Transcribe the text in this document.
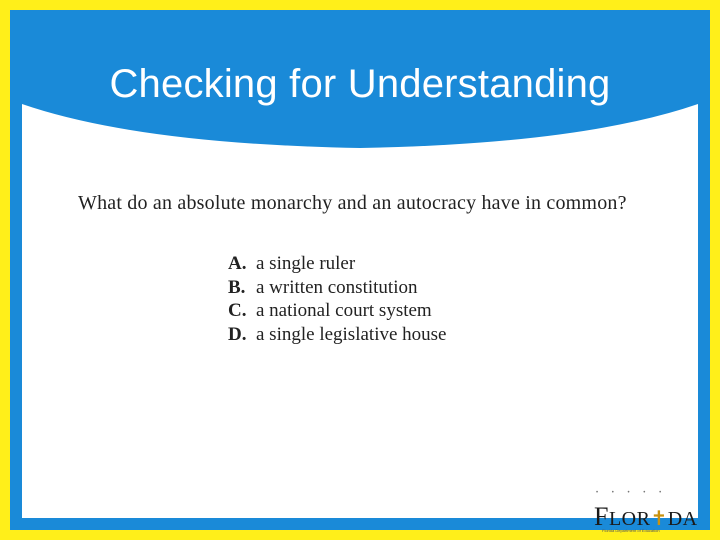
Checking for Understanding
What do an absolute monarchy and an autocracy have in common?
A. a single ruler
B. a written constitution
C. a national court system
D. a single legislative house
• • • • •
FLOR✝DA
Florida Department of Education
